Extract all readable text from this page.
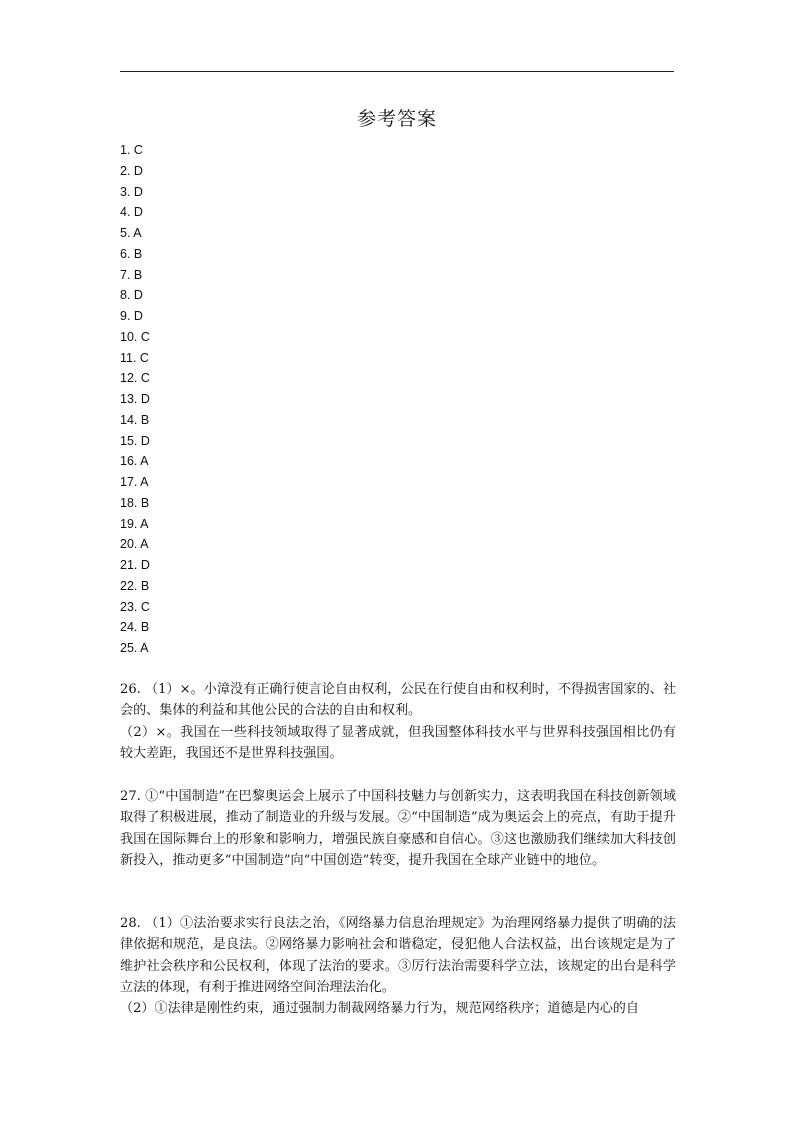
参考答案
1. C
2. D
3. D
4. D
5. A
6. B
7. B
8. D
9. D
10. C
11. C
12. C
13. D
14. B
15. D
16. A
17. A
18. B
19. A
20. A
21. D
22. B
23. C
24. B
25. A

26. （1）×。小漳没有正确行使言论自由权利，公民在行使自由和权利时，不得损害国家的、社会的、集体的利益和其他公民的合法的自由和权利。

（2）×。我国在一些科技领域取得了显著成就，但我国整体科技水平与世界科技强国相比仍有较大差距，我国还不是世界科技强国。

27. ①“中国制造”在巴黎奥运会上展示了中国科技魅力与创新实力，这表明我国在科技创新领域取得了积极进展，推动了制造业的升级与发展。②“中国制造”成为奥运会上的亮点，有助于提升我国在国际舞台上的形象和影响力，增强民族自豪感和自信心。③这也激励我们继续加大科技创新投入，推动更多“中国制造”向“中国创造”转变，提升我国在全球产业链中的地位。

28. （1）①法治要求实行良法之治，《网络暴力信息治理规定》为治理网络暴力提供了明确的法律依据和规范，是良法。②网络暴力影响社会和谐稳定，侵犯他人合法权益，出台该规定是为了维护社会秩序和公民权利，体现了法治的要求。③厉行法治需要科学立法，该规定的出台是科学立法的体现，有利于推进网络空间治理法治化。

（2）①法律是刚性约束，通过强制力制裁网络暴力行为，规范网络秩序；道德是内心的自
